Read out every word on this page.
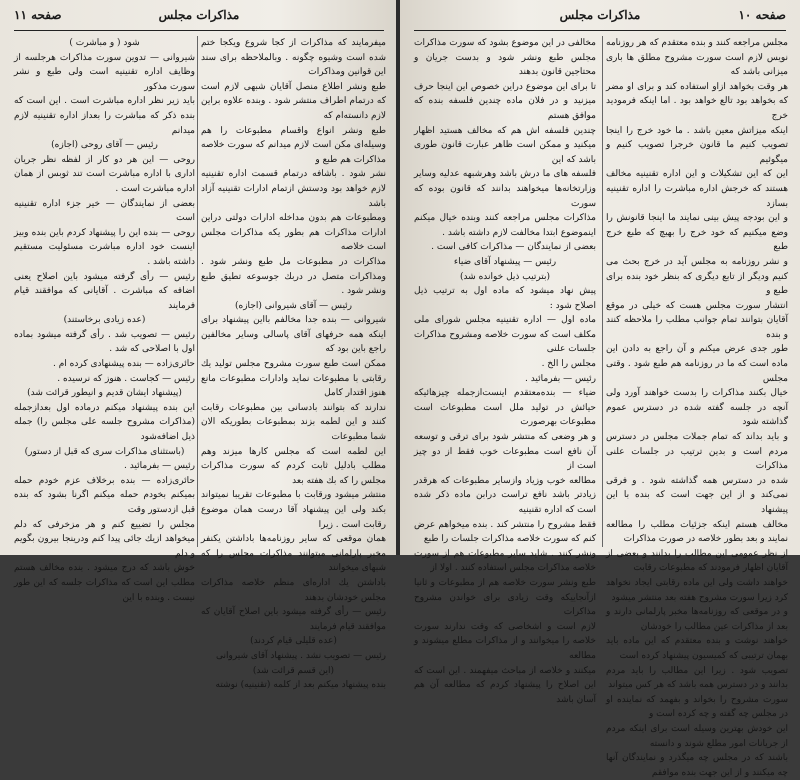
صفحه ۱۱	مذاكرات مجلس

ميفرمايند كه مذاكرات از كجا شروع ويكجا ختم شده است وشيوه چگونه . وبالملاحظه براى سند اين قوانين ومذاكرات

طبع ونشر اطلاع منصل آقايان شبهى لازم است كه درتمام اطراف منتشر شود . وبنده علاوه براين لازم دانسته‌ام كه

طبع ونشر انواع واقسام مطبوعات را هم وسيله‌اى مكن است لازم ميدانم كه سورت خلاصه مذاكرات هم طبع و

نشر شود . باشافه درتمام قسمت اداره تقنينيه لازم خواهد بود ودستش ازتمام ادارات تقنينيه آزاد باشد

ومطبوعات هم بدون مداخله ادارات دولتى دراين ادارات مذاكرات هم بطور يكه مذاكرات مجلس است خلاصه

مذاكرات در مطبوعات مل طبع ونشر شود . ومذاكرات متصل در دربك جوسوعه تطيق طبع ونشر شود .

رئيس — آقاى شيروانى (اجازه)

شيروانى — بنده جدا مخالفم بااين پيشنهاد براى اينكه همه حرفهاى آقاى پاسالى وساير مخالفين راجع باين بود كه

ممكن است طبع سورت مشروح مجلس توليد يك رقابتى با مطبوعات نمايد وادارات مطبوعات مانع هنوز اقتدار كامل

ندارند كه بتوانند بادسانى بين مطبوعات رقابت كنند و اين لطمه بزند بمطبوعات بطوريكه الان شما مطبوعات

اين لطمه است كه مجلس كارها ميزند وهم مطلب بادليل ثابت كردم كه سورت مذاكرات مجلس را كه بك هفته بعد

منتشر ميشود ورقابت با مطبوعات تقريبا نميتواند بكند ولى اين پيشنهاد آقا درست همان موضوع رقابت است . زيرا

همان موقعى كه ساير روزنامه‌ها باداشتن يكنفر مخبر پارلمانى ميتوانند مذاكرات مجلس را كه شبهاى ميخوانند

باداشتن يك اداره‌اى منظم خلاصه مذاكرات مجلس خودشان بدهند

رئيس — رأى گرفته ميشود باين اصلاح آقايان كه موافقند قيام فرمايند

(عده قليلى قيام كردند)

رئيس — تصويب نشد . پيشنهاد آقاى شيروانى

(اين قسم قرائت شد)

بنده پيشنهاد ميكنم بعد از كلمه (تقنينيه) نوشته

شود ( و مباشرت )

شيروانى — تدوين سورت مذاكرات هرجلسه از وظايف اداره تقنينيه است ولى طبع و نشر سورت مذكور

بايد زير نظر اداره مباشرت است . اين است كه بنده ذكر كه مباشرت را بعداز اداره تقنينيه لازم ميدانم

رئيس — آقاى روحى (اجازه)

روحى — اين هر دو كار از لفظه نظر جريان ادارى با اداره مباشرت است تند ثوبس از همان اداره مباشرت است .

بعضى از نمايندگان — خير جزء اداره تقنينيه است

روحى — بنده اين را پيشنهاد كردم باين بنده وبيز اينست خود اداره مباشرت مسئوليت مستقيم داشته باشد .

رئيس — رأى گرفته ميشود باين اصلاح يعنى اضافه كه مباشرت . آقايانى كه موافقند قيام فرمايند

(عده زيادى برخاستند)

رئيس — تصويب شد . رأى گرفته ميشود بماده اول با اصلاحى كه شد .

حائرى‌زاده — بنده پيشنهادى كرده ام .

رئيس — كجاست . هنوز كه نرسيده .

(پيشنهاد ايشان قديم و انيطور قرائت شد)

اين بنده پيشنهاد ميكنم درماده اول بعدازجمله (مذاكرات مشروح جلسه على مجلس را) جمله ذيل اضافه‌شود

(باستثناى مذاكرات سرى كه قبل از دستور)

رئيس — بفرمائيد .

حائرى‌زاده — بنده برخلاف عزم خودم حمله بميكنم بخودم حمله ميكنم اگرنا بشود كه بنده قبل ازدستور وقت

مجلس را تضييع كنم و هر مزخرفى كه دلم ميخواهد ازيك جائى پيدا كنم ودرينجا بيرون بگويم و دلم

خوش باشد كه درج ميشود . بنده مخالف هستم مطلب اين است كه مذاكرات جلسه كه اين طور نيست . وبنده با اين

صفحه ۱۰
مذاكرات مجلس

مجلس مراجعه كنند و بنده معتقدم كه هر روزنامه نويس لازم است سورت مشروح مطلق ها بارى ميزانى باشد كه

هر وقت بخواهد ازاو استفاده كند و براى او مضر كه بخواهد بود تالع خواهد بود . اما اينكه فرموديد خرج

اينكه ميزاتش معين باشد . ما خود خرج را اينجا تصويب كنيم ما قانون خرجرا تصويب كنيم و ميگوئيم

اين كه اين تشكيلات و اين اداره تقنينيه مخالف هستند كه خرجش اداره مباشرت را اداره تقنينيه بسازد

و اين بودجه پيش بينى نمايند ما اينجا قانونش را وضع ميكنيم كه خود خرج را بهيچ كه طبع خرج طبع

و نشر روزنامه به مجلس آيد در خرج بحث مى كنيم وديگر از تابع ديگرى كه بنظر خود بنده براى طبع و

انتشار سورت مجلس هست كه خيلى در موقع آقايان بتوانند تمام جوانب مطلب را ملاحظه كنند و بنده

طور جدى عرض ميكنم و آن راجع به دادن اين ماده است كه ما در روزنامه هم طبع شود . وقتى مجلس

خيال بكنند مذاكرات را بدست خواهند آورد ولى آنچه در جلسه گفته شده در دسترس عموم گذاشته شود

و بايد بداند كه تمام جملات مجلس در دسترس مردم است و بدين ترتيب در جلسات علنى مذاكرات

شده در دسترس همه گذاشته شود . و فرقى نمى‌كند و از اين جهت است كه بنده با اين پيشنهاد

مخالف هستم اينكه جزئيات مطلب را مطالعه نمايند و بعد بطور خلاصه در صورت مذاكرات

از نظر عمومى اين مطالب را بدانند و بعضى از آقايان اظهار فرمودند كه مطبوعات رقابت

خواهند داشت ولى اين ماده رقابتى ايجاد نخواهد كرد زيرا سورت مشروح هفته بعد منتشر ميشود

و در موقعى كه روزنامه‌ها مخبر پارلمانى دارند و بعد از مذاكرات عين مطالب را خودشان

خواهند نوشت و بنده معتقدم كه اين ماده بايد بهمان ترتيبى كه كميسيون پيشنهاد كرده است

تصويب شود . زيرا اين مطالب را بايد مردم بدانند و در دسترس همه باشد كه هر كس ميتواند

سورت مشروح را بخواند و بفهمد كه نماينده او در مجلس چه گفته و چه كرده است و

اين خودش بهترين وسيله است براى اينكه مردم از جريانات امور مطلع شوند و دانسته

باشند كه در مجلس چه ميگذرد و نمايندگان آنها چه ميكنند و از اين جهت بنده موافقم

مخالفى در اين موضوع بشود كه سورت مذاكرات مجلس طبع ونشر شود و بدست جريان و محتاجين قانون بدهند

تا براى اين موضوع دراين خصوص اين اينجا حرف ميزنيد و در فلان ماده چندين فلسفه بنده كه موافق هستم

چندين فلسفه اش هم كه مخالف هستيد اظهار ميكنيد و ممكن است ظاهر عبارت قانون طورى باشد كه اين

فلسفه هاى ما درش باشد وهرشبهه عدليه وساير وزارتخانه‌ها ميخواهند بدانند كه قانون بوده كه سورت

مذاكرات مجلس مراجعه كنند وبنده خيال ميكنم اينموضوع ابتدا مخالفت لازم داشته باشد .

بعضى از نمايندگان — مذاكرات كافى است .

رئيس — پيشنهاد آقاى ضياء

(بترتيب ذيل خوانده شد)

پيش نهاد ميشود كه ماده اول به ترتيب ذيل اصلاح شود :

ماده اول — اداره تقنينيه مجلس شوراى ملى مكلف است كه سورت خلاصه ومشروح مذاكرات جلسات علنى

مجلس را الخ .

رئيس — بفرمائيد .

ضياء — بنده‌معتقدم اينست‌ازجمله چيزهائيكه حيائش در توليد ملل است مطبوعات است مطبوعات بهرصورت

و هر وضعى كه منتشر شود براى ترقى و توسعه آن نافع است مطبوعات خوب فقط از دو چيز است از

مطالعه خوب وزياد وازساير مطبوعات كه هرقدر زيادتر باشد نافع تراست درابن ماده ذكر شده است كه اداره تقنينيه

فقط مشروح را منتشر كند . بنده ميخواهم عرض كنم كه سورت خلاصه مذاكرات جلسات را طبع

ونشر كنند . شايد ساير مطبوعات هم از سورت خلاصه مذاكرات مجلس استفاده كنند . اولا از

طبع ونشر سورت خلاصه هم از مطبوعات و ثانيا ازآنجاييكه وقت زيادى براى خواندن مشروح مذاكرات

لازم است و اشخاصى كه وقت ندارند سورت خلاصه را ميخوانند و از مذاكرات مطلع ميشوند و مطالعه

ميكنند و خلاصه از مباحث ميفهمند . اين است كه اين اصلاح را پيشنهاد كردم كه مطالعه آن هم آسان باشد
